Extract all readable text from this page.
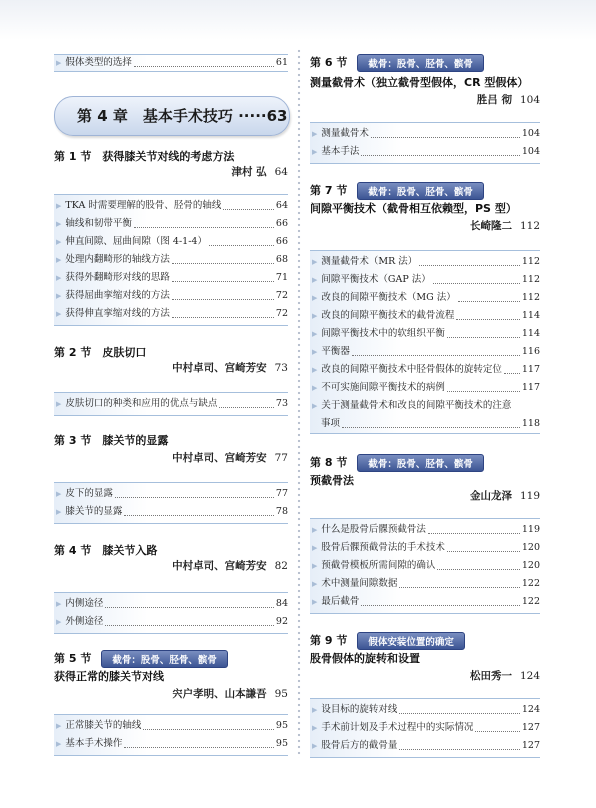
▶ 假体类型的选择	61
第 4 章　基本手术技巧 ·····63
第 1 节　 获得膝关节对线的考虑方法
津村 弘 64
▶ TKA 时需要理解的股骨、胫骨的轴线	64
▶ 轴线和韧带平衡	66
▶ 伸直间隙、屈曲间隙（图 4-1-4）	66
▶ 处理内翻畸形的轴线方法	68
▶ 获得外翻畸形对线的思路	71
▶ 获得屈曲挛缩对线的方法	72
▶ 获得伸直挛缩对线的方法	72
第 2 节　 皮肤切口
中村卓司、宫崎芳安 73
▶ 皮肤切口的种类和应用的优点与缺点	73
第 3 节　 膝关节的显露
中村卓司、宫崎芳安 77
▶ 皮下的显露	77
▶ 膝关节的显露	78
第 4 节　 膝关节入路
中村卓司、宫崎芳安 82
▶ 内侧途径	84
▶ 外侧途径	92
第 5 节 截骨：股骨、胫骨、髌骨
获得正常的膝关节对线
宍户孝明、山本謙吾 95
▶ 正常膝关节的轴线	95
▶ 基本手术操作	95
第 6 节 截骨：股骨、胫骨、髌骨
测量截骨术（独立截骨型假体，CR 型假体）
胜吕 彻 104
▶ 测量截骨术	104
▶ 基本手法	104
第 7 节 截骨：股骨、胫骨、髌骨
间隙平衡技术（截骨相互依赖型，PS 型）
长崎隆二 112
▶ 测量截骨术（MR 法）	112
▶ 间隙平衡技术（GAP 法）	112
▶ 改良的间隙平衡技术（MG 法）	112
▶ 改良的间隙平衡技术的截骨流程	114
▶ 间隙平衡技术中的软组织平衡	114
▶ 平衡器	116
▶ 改良的间隙平衡技术中胫骨假体的旋转定位 117
▶ 不可实施间隙平衡技术的病例	117
▶ 关于测量截骨术和改良的间隙平衡技术的注意
事项	118
第 8 节 截骨：股骨、胫骨、髌骨
预截骨法
金山龙泽 119
▶ 什么是股骨后髁预截骨法	119
▶ 股骨后髁预截骨法的手术技术	120
▶ 预截骨模板所需间隙的确认	120
▶ 术中测量间隙数据	122
▶ 最后截骨	122
第 9 节 假体安装位置的确定
股骨假体的旋转和设置
松田秀一 124
▶ 设目标的旋转对线	124
▶ 手术前计划及手术过程中的实际情况	127
▶ 股骨后方的截骨量	127
